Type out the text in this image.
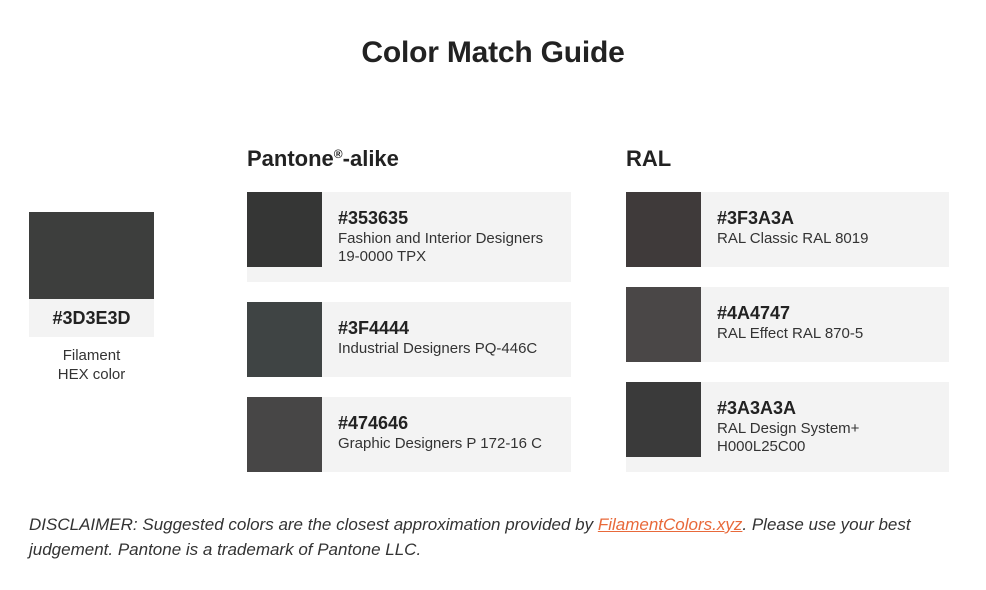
Color Match Guide
#3D3E3D
Filament
HEX color
Pantone®-alike
#353635
Fashion and Interior Designers 19-0000 TPX
#3F4444
Industrial Designers PQ-446C
#474646
Graphic Designers P 172-16 C
RAL
#3F3A3A
RAL Classic RAL 8019
#4A4747
RAL Effect RAL 870-5
#3A3A3A
RAL Design System+ H000L25C00
DISCLAIMER: Suggested colors are the closest approximation provided by FilamentColors.xyz. Please use your best judgement. Pantone is a trademark of Pantone LLC.
